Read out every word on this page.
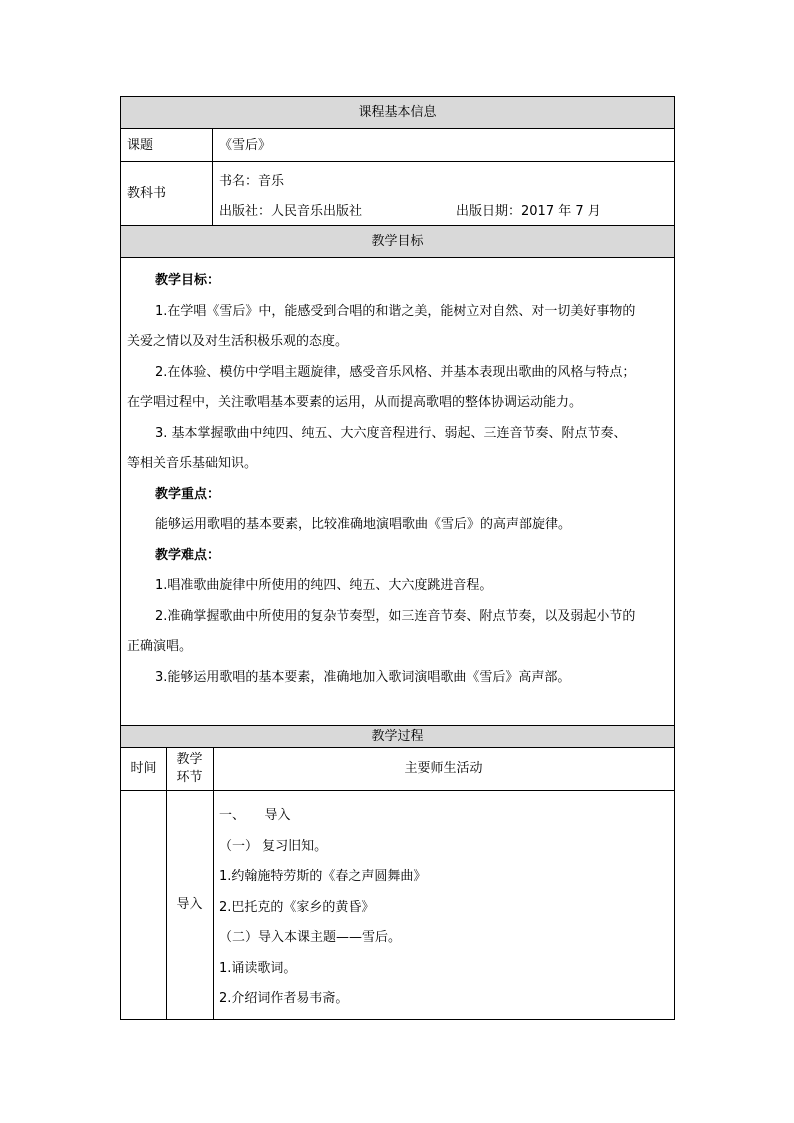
课程基本信息
课题	《雪后》
教科书
书名：音乐
出版社：人民音乐出版社	出版日期：2017 年 7 月
教学目标
教学目标：
1.在学唱《雪后》中，能感受到合唱的和谐之美，能树立对自然、对一切美好事物的
关爱之情以及对生活积极乐观的态度。
2.在体验、模仿中学唱主题旋律，感受音乐风格、并基本表现出歌曲的风格与特点；
在学唱过程中，关注歌唱基本要素的运用，从而提高歌唱的整体协调运动能力。
3. 基本掌握歌曲中纯四、纯五、大六度音程进行、弱起、三连音节奏、附点节奏、
等相关音乐基础知识。
教学重点：
能够运用歌唱的基本要素，比较准确地演唱歌曲《雪后》的高声部旋律。
教学难点：
1.唱准歌曲旋律中所使用的纯四、纯五、大六度跳进音程。
2.准确掌握歌曲中所使用的复杂节奏型，如三连音节奏、附点节奏，以及弱起小节的
正确演唱。
3.能够运用歌唱的基本要素，准确地加入歌词演唱歌曲《雪后》高声部。
教学过程
时间
教学环节
主要师生活动
导入
一、　　导入
（一） 复习旧知。
1.约翰施特劳斯的《春之声圆舞曲》
2.巴托克的《家乡的黄昏》
（二）导入本课主题——雪后。
1.诵读歌词。
2.介绍词作者易韦斋。
